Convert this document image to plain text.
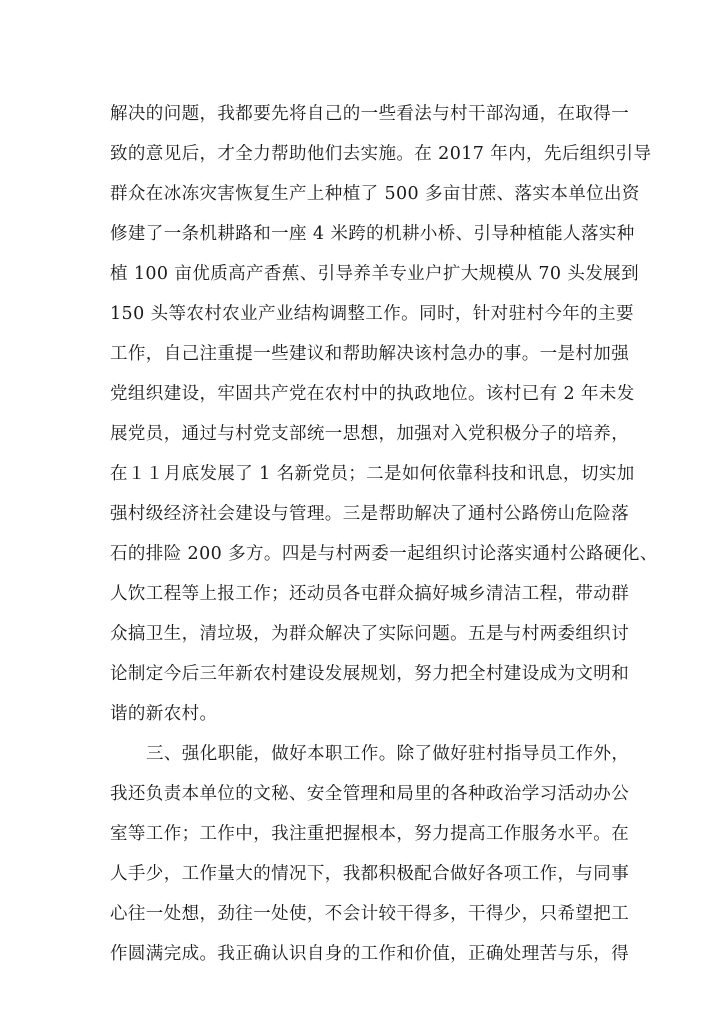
解决的问题，我都要先将自己的一些看法与村干部沟通，在取得一
致的意见后，才全力帮助他们去实施。在 2017 年内，先后组织引导
群众在冰冻灾害恢复生产上种植了 500 多亩甘蔗、落实本单位出资
修建了一条机耕路和一座 4 米跨的机耕小桥、引导种植能人落实种
植 100 亩优质高产香蕉、引导养羊专业户扩大规模从 70 头发展到
150 头等农村农业产业结构调整工作。同时，针对驻村今年的主要
工作，自己注重提一些建议和帮助解决该村急办的事。一是村加强
党组织建设，牢固共产党在农村中的执政地位。该村已有 2 年未发
展党员，通过与村党支部统一思想，加强对入党积极分子的培养，
在１１月底发展了 1 名新党员；二是如何依靠科技和讯息，切实加
强村级经济社会建设与管理。三是帮助解决了通村公路傍山危险落
石的排险 200 多方。四是与村两委一起组织讨论落实通村公路硬化、
人饮工程等上报工作；还动员各屯群众搞好城乡清洁工程，带动群
众搞卫生，清垃圾，为群众解决了实际问题。五是与村两委组织讨
论制定今后三年新农村建设发展规划，努力把全村建设成为文明和
谐的新农村。
三、强化职能，做好本职工作。除了做好驻村指导员工作外，
我还负责本单位的文秘、安全管理和局里的各种政治学习活动办公
室等工作；工作中，我注重把握根本，努力提高工作服务水平。在
人手少，工作量大的情况下，我都积极配合做好各项工作，与同事
心往一处想，劲往一处使，不会计较干得多，干得少，只希望把工
作圆满完成。我正确认识自身的工作和价值，正确处理苦与乐，得
